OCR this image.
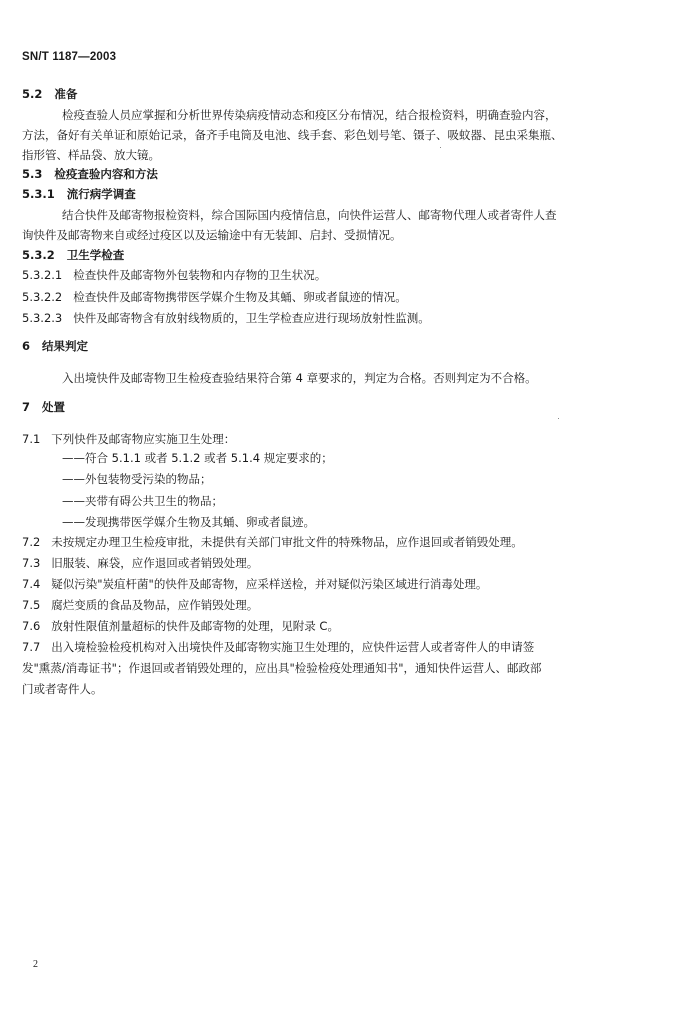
SN/T 1187—2003
5.2 准备
检疫查验人员应掌握和分析世界传染病疫情动态和疫区分布情况，结合报检资料，明确查验内容，
方法，备好有关单证和原始记录，备齐手电筒及电池、线手套、彩色划号笔、镊子、吸蚊器、昆虫采集瓶、
指形管、样品袋、放大镜。
5.3 检疫查验内容和方法
5.3.1 流行病学调查
结合快件及邮寄物报检资料，综合国际国内疫情信息，向快件运营人、邮寄物代理人或者寄件人查
询快件及邮寄物来自或经过疫区以及运输途中有无装卸、启封、受损情况。
5.3.2 卫生学检查
5.3.2.1 检查快件及邮寄物外包装物和内存物的卫生状况。
5.3.2.2 检查快件及邮寄物携带医学媒介生物及其蛹、卵或者鼠迹的情况。
5.3.2.3 快件及邮寄物含有放射线物质的，卫生学检查应进行现场放射性监测。
6 结果判定
入出境快件及邮寄物卫生检疫查验结果符合第 4 章要求的，判定为合格。否则判定为不合格。
7 处置
7.1 下列快件及邮寄物应实施卫生处理：
——符合 5.1.1 或者 5.1.2 或者 5.1.4 规定要求的；
——外包装物受污染的物品；
——夹带有碍公共卫生的物品；
——发现携带医学媒介生物及其蛹、卵或者鼠迹。
7.2 未按规定办理卫生检疫审批，未提供有关部门审批文件的特殊物品，应作退回或者销毁处理。
7.3 旧服装、麻袋，应作退回或者销毁处理。
7.4 疑似污染"炭疽杆菌"的快件及邮寄物，应采样送检，并对疑似污染区域进行消毒处理。
7.5 腐烂变质的食品及物品，应作销毁处理。
7.6 放射性限值剂量超标的快件及邮寄物的处理，见附录 C。
7.7 出入境检验检疫机构对入出境快件及邮寄物实施卫生处理的，应快件运营人或者寄件人的申请签
发"熏蒸/消毒证书"；作退回或者销毁处理的，应出具"检验检疫处理通知书"，通知快件运营人、邮政部
门或者寄件人。
2
